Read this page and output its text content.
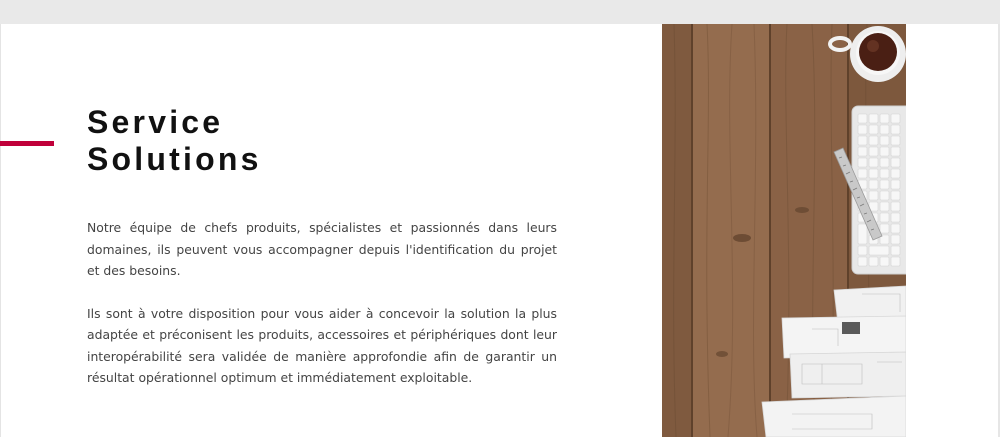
Service
Solutions

Notre équipe de chefs produits, spécialistes et passionnés dans leurs domaines, ils peuvent vous accompagner depuis l'identification du projet et des besoins.

Ils sont à votre disposition pour vous aider à concevoir la solution la plus adaptée et préconisent les produits, accessoires et périphériques dont leur interopérabilité sera validée de manière approfondie afin de garantir un résultat opérationnel optimum et immédiatement exploitable.
